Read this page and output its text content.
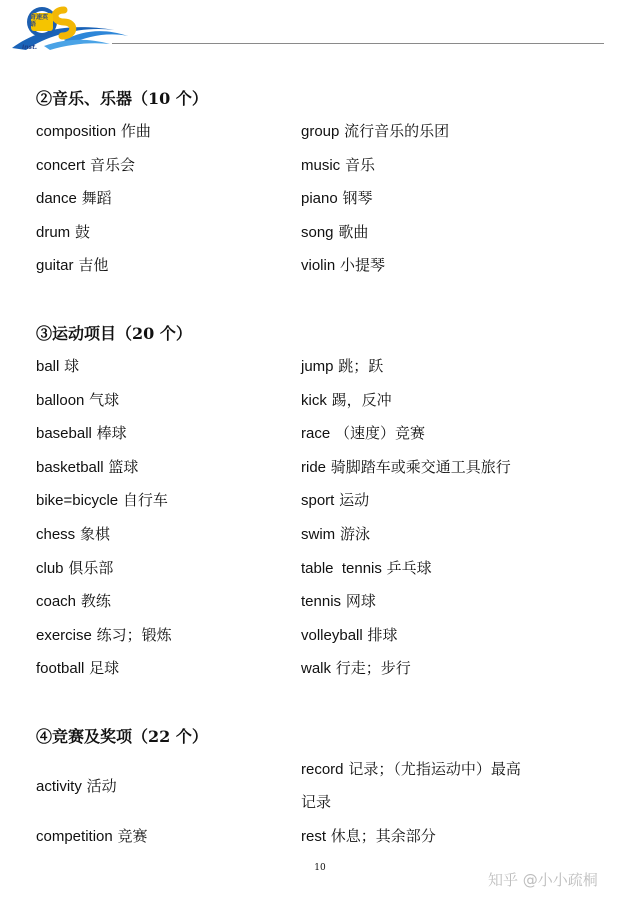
奇速英语
Inst.
②音乐、乐器（10 个）
composition 作曲
concert 音乐会
dance 舞蹈
drum 鼓
guitar 吉他
group 流行音乐的乐团
music 音乐
piano 钢琴
song 歌曲
violin 小提琴
③运动项目（20 个）
ball 球
balloon 气球
baseball 棒球
basketball 篮球
bike=bicycle 自行车
chess 象棋
club 俱乐部
coach 教练
exercise 练习；锻炼
football 足球
jump 跳；跃
kick 踢，反冲
race （速度）竞赛
ride 骑脚踏车或乘交通工具旅行
sport 运动
swim 游泳
table  tennis 乒乓球
tennis 网球
volleyball 排球
walk 行走；步行
④竞赛及奖项（22 个）
activity 活动
competition 竞赛
record 记录；（尤指运动中）最高
记录
rest 休息；其余部分
10
知乎 @小小疏桐
